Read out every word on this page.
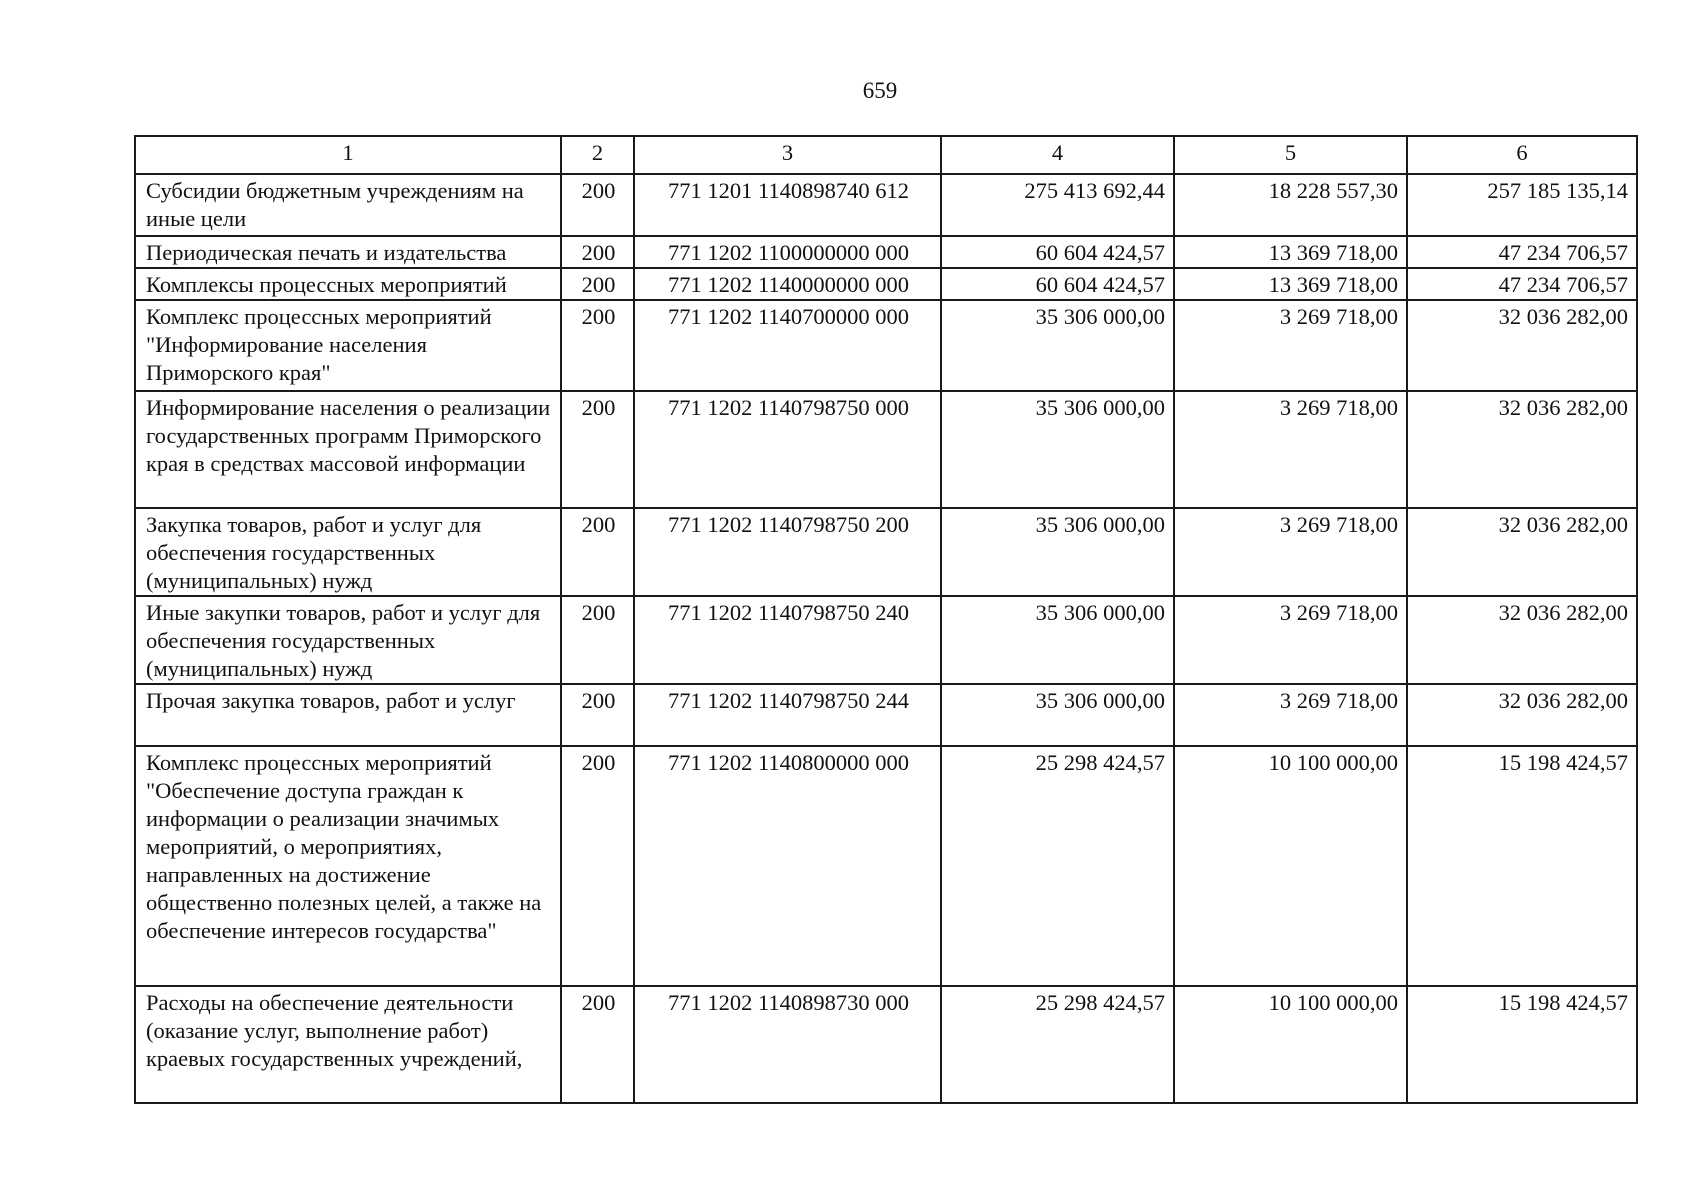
659
1	2	3	4	5	6
Субсидии бюджетным учреждениям на иные цели	200	771 1201 1140898740 612	275 413 692,44	18 228 557,30	257 185 135,14
Периодическая печать и издательства	200	771 1202 1100000000 000	60 604 424,57	13 369 718,00	47 234 706,57
Комплексы процессных мероприятий	200	771 1202 1140000000 000	60 604 424,57	13 369 718,00	47 234 706,57
Комплекс процессных мероприятий "Информирование населения Приморского края"	200	771 1202 1140700000 000	35 306 000,00	3 269 718,00	32 036 282,00
Информирование населения о реализации государственных программ Приморского края в средствах массовой информации	200	771 1202 1140798750 000	35 306 000,00	3 269 718,00	32 036 282,00
Закупка товаров, работ и услуг для обеспечения государственных (муниципальных) нужд	200	771 1202 1140798750 200	35 306 000,00	3 269 718,00	32 036 282,00
Иные закупки товаров, работ и услуг для обеспечения государственных (муниципальных) нужд	200	771 1202 1140798750 240	35 306 000,00	3 269 718,00	32 036 282,00
Прочая закупка товаров, работ и услуг	200	771 1202 1140798750 244	35 306 000,00	3 269 718,00	32 036 282,00
Комплекс процессных мероприятий "Обеспечение доступа граждан к информации о реализации значимых мероприятий, о мероприятиях, направленных на достижение общественно полезных целей, а также на обеспечение интересов государства"	200	771 1202 1140800000 000	25 298 424,57	10 100 000,00	15 198 424,57
Расходы на обеспечение деятельности (оказание услуг, выполнение работ) краевых государственных учреждений,	200	771 1202 1140898730 000	25 298 424,57	10 100 000,00	15 198 424,57
